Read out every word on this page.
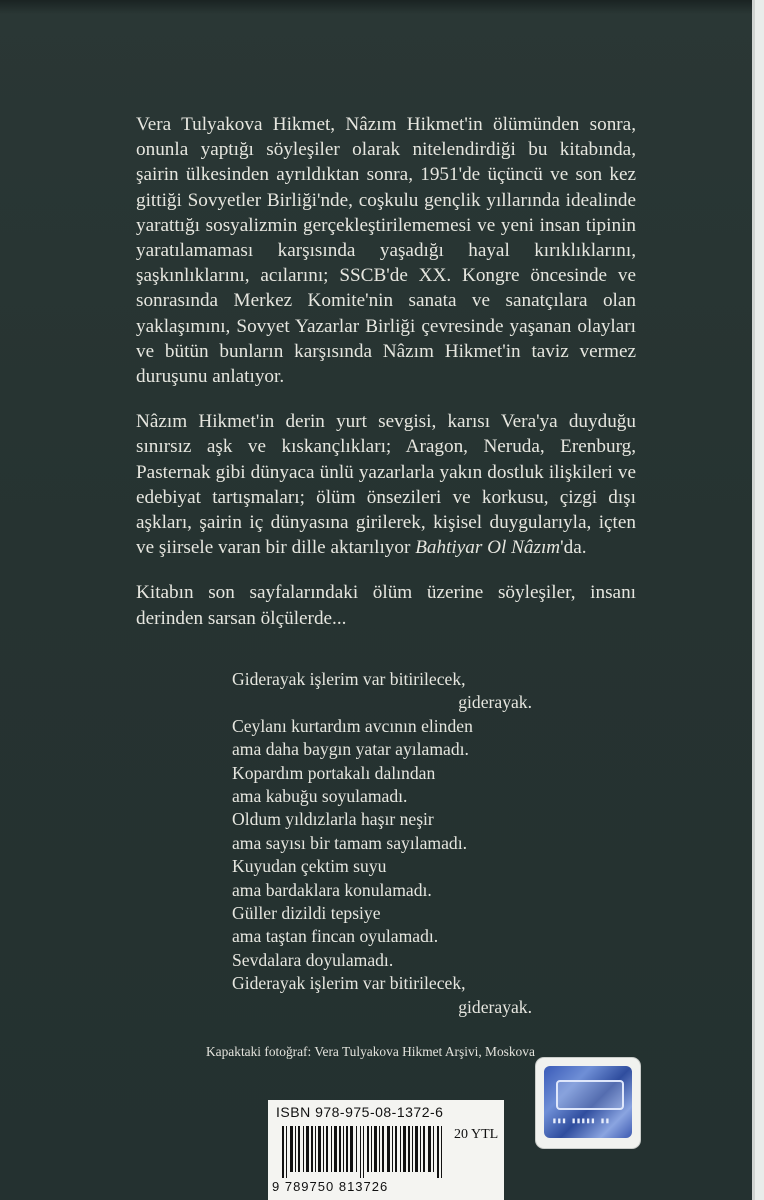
Vera Tulyakova Hikmet, Nâzım Hikmet'in ölümünden sonra, onunla yaptığı söyleşiler olarak nitelendirdiği bu kitabında, şairin ülkesinden ayrıldıktan sonra, 1951'de üçüncü ve son kez gittiği Sovyetler Birliği'nde, coşkulu gençlik yıllarında idealinde yarattığı sosyalizmin gerçekleştirilememesi ve yeni insan tipinin yaratılamaması karşısında yaşadığı hayal kırıklıklarını, şaşkınlıklarını, acılarını; SSCB'de XX. Kongre öncesinde ve sonrasında Merkez Komite'nin sanata ve sanatçılara olan yaklaşımını, Sovyet Yazarlar Birliği çevresinde yaşanan olayları ve bütün bunların karşısında Nâzım Hikmet'in taviz vermez duruşunu anlatıyor.

Nâzım Hikmet'in derin yurt sevgisi, karısı Vera'ya duyduğu sınırsız aşk ve kıskançlıkları; Aragon, Neruda, Erenburg, Pasternak gibi dünyaca ünlü yazarlarla yakın dostluk ilişkileri ve edebiyat tartışmaları; ölüm önsezileri ve korkusu, çizgi dışı aşkları, şairin iç dünyasına girilerek, kişisel duygularıyla, içten ve şiirsele varan bir dille aktarılıyor Bahtiyar Ol Nâzım'da.

Kitabın son sayfalarındaki ölüm üzerine söyleşiler, insanı derinden sarsan ölçülerde...

Giderayak işlerim var bitirilecek,
giderayak.
Ceylanı kurtardım avcının elinden
ama daha baygın yatar ayılamadı.
Kopardım portakalı dalından
ama kabuğu soyulamadı.
Oldum yıldızlarla haşır neşir
ama sayısı bir tamam sayılamadı.
Kuyudan çektim suyu
ama bardaklara konulamadı.
Güller dizildi tepsiye
ama taştan fincan oyulamadı.
Sevdalara doyulamadı.
Giderayak işlerim var bitirilecek,
giderayak.
Kapaktaki fotoğraf: Vera Tulyakova Hikmet Arşivi, Moskova
ISBN 978-975-08-1372-6
20 YTL
9 789750 813726
▮▮▮ ▮▮▮▮▮ ▮▮
